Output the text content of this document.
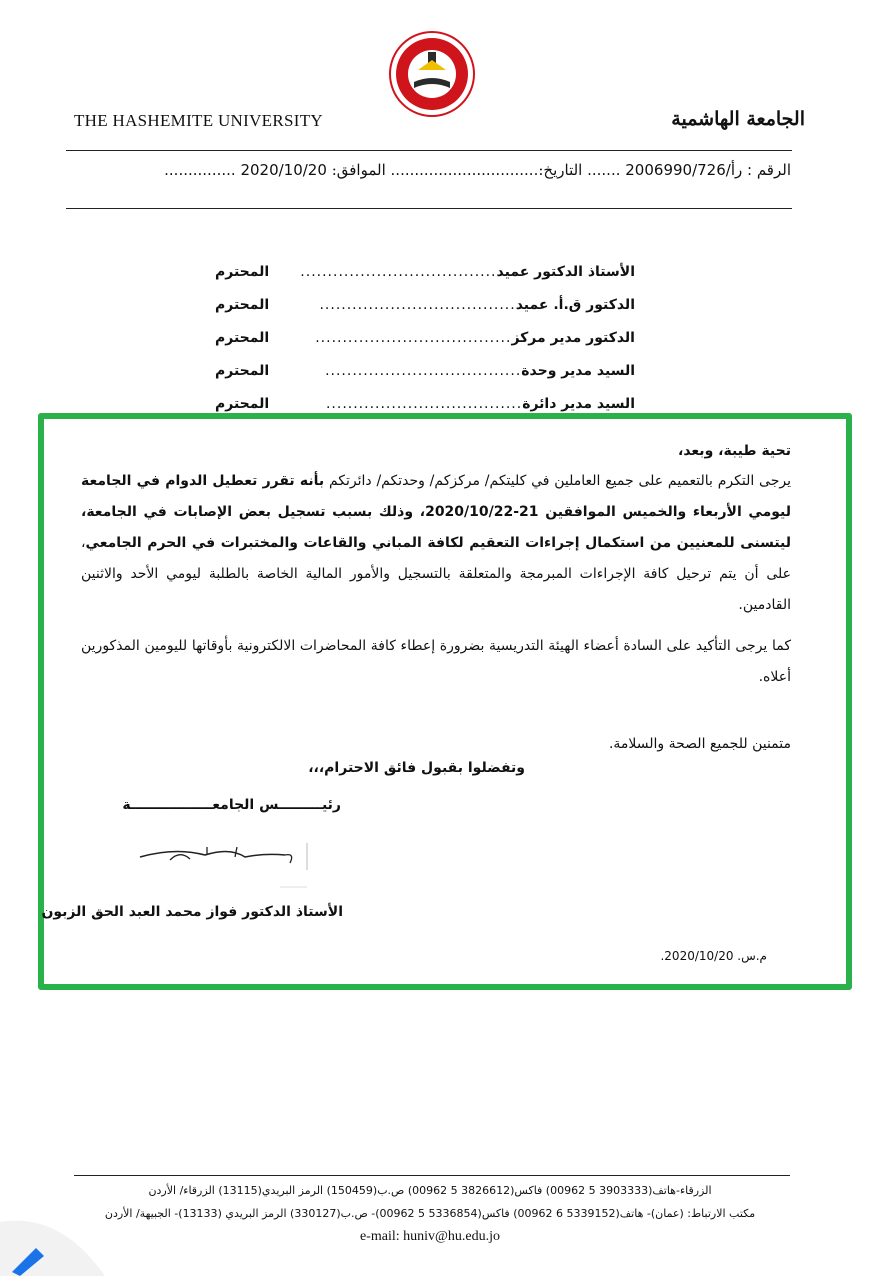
THE HASHEMITE UNIVERSITY	الجامعة الهاشمية
الرقم : رأ/2006990/726 ....... التاريخ:............................... الموافق: 2020/10/20 ...............
الأستاذ الدكتور عميد
....................................
المحترم
الدكتور ق.أ. عميد
....................................
المحترم
الدكتور مدير مركز
....................................
المحترم
السيد مدير وحدة
....................................
المحترم
السيد مدير دائرة
....................................
المحترم
تحية طيبة، وبعد،
يرجى التكرم بالتعميم على جميع العاملين في كليتكم/ مركزكم/ وحدتكم/ دائرتكم بأنه تقرر تعطيل الدوام في الجامعة ليومي الأربعاء والخميس الموافقين 21-2020/10/22، وذلك بسبب تسجيل بعض الإصابات في الجامعة، ليتسنى للمعنيين من استكمال إجراءات التعقيم لكافة المباني والقاعات والمختبرات في الحرم الجامعي، على أن يتم ترحيل كافة الإجراءات المبرمجة والمتعلقة بالتسجيل والأمور المالية الخاصة بالطلبة ليومي الأحد والاثنين القادمين.
كما يرجى التأكيد على السادة أعضاء الهيئة التدريسية بضرورة إعطاء كافة المحاضرات الالكترونية بأوقاتها لليومين المذكورين أعلاه.
متمنين للجميع الصحة والسلامة.
وتفضلوا بقبول فائق الاحترام،،،
رئيـــــــــس الجامعـــــــــــــــــة
الأستاذ الدكتور فواز محمد العبد الحق الزبون
م.س. 2020/10/20.
الزرقاء-هاتف(3903333 5 00962) فاكس(3826612 5 00962) ص.ب(150459) الرمز البريدي(13115) الزرقاء/ الأردن
مكتب الارتباط: (عمان)- هاتف(5339152 6 00962) فاكس(5336854 5 00962)- ص.ب(330127) الرمز البريدي (13133)- الجبيهة/ الأردن
e-mail: huniv@hu.edu.jo
